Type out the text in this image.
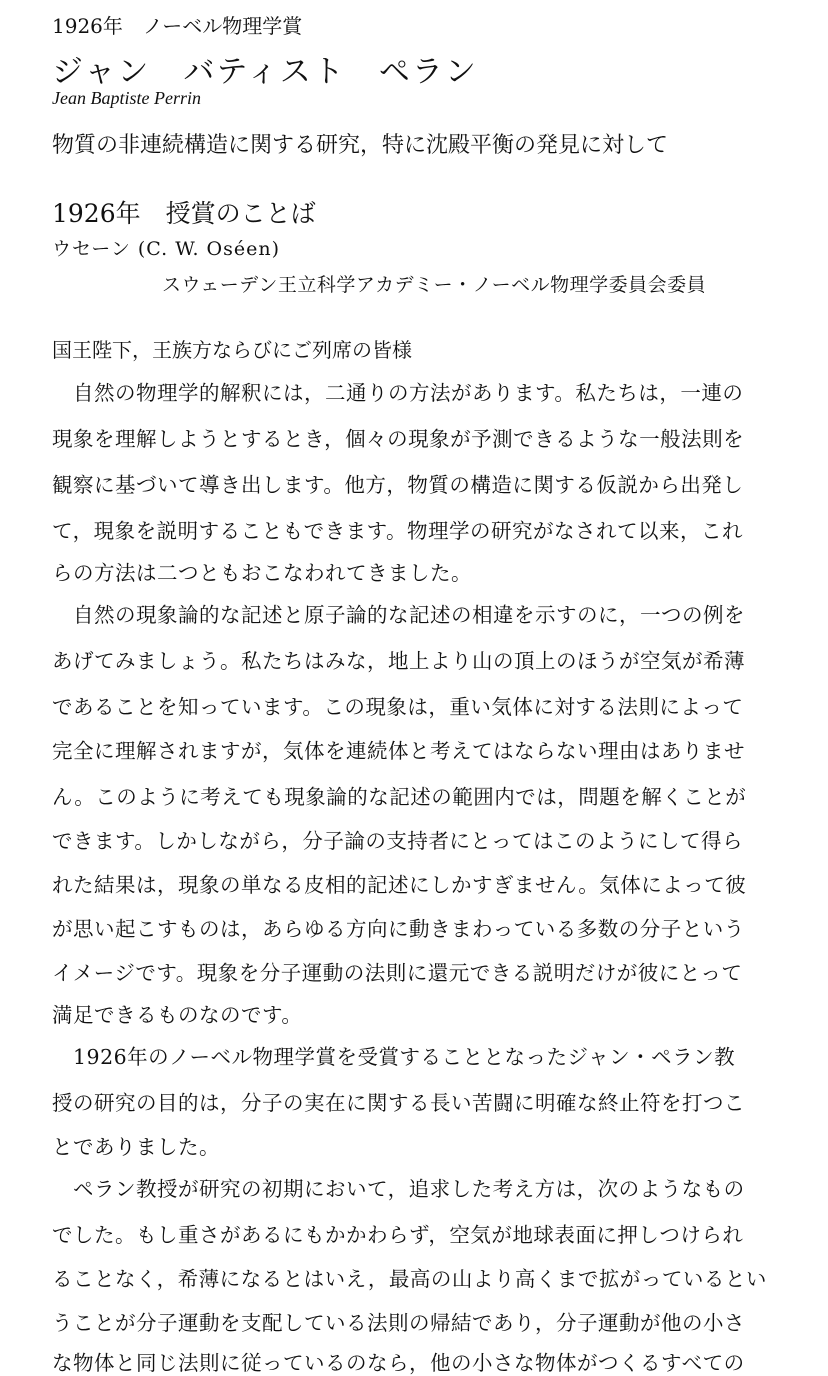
1926年　ノーベル物理学賞
ジャン　バティスト　ペラン
Jean Baptiste Perrin
物質の非連続構造に関する研究，特に沈殿平衡の発見に対して
1926年　授賞のことば
ウセーン (C. W. Oséen)
スウェーデン王立科学アカデミー・ノーベル物理学委員会委員
国王陛下，王族方ならびにご列席の皆様
　自然の物理学的解釈には，二通りの方法があります。私たちは，一連の
現象を理解しようとするとき，個々の現象が予測できるような一般法則を
観察に基づいて導き出します。他方，物質の構造に関する仮説から出発し
て，現象を説明することもできます。物理学の研究がなされて以来，これ
らの方法は二つともおこなわれてきました。
　自然の現象論的な記述と原子論的な記述の相違を示すのに，一つの例を
あげてみましょう。私たちはみな，地上より山の頂上のほうが空気が希薄
であることを知っています。この現象は，重い気体に対する法則によって
完全に理解されますが，気体を連続体と考えてはならない理由はありませ
ん。このように考えても現象論的な記述の範囲内では，問題を解くことが
できます。しかしながら，分子論の支持者にとってはこのようにして得ら
れた結果は，現象の単なる皮相的記述にしかすぎません。気体によって彼
が思い起こすものは，あらゆる方向に動きまわっている多数の分子という
イメージです。現象を分子運動の法則に還元できる説明だけが彼にとって
満足できるものなのです。
　1926年のノーベル物理学賞を受賞することとなったジャン・ペラン教
授の研究の目的は，分子の実在に関する長い苦闘に明確な終止符を打つこ
とでありました。
　ペラン教授が研究の初期において，追求した考え方は，次のようなもの
でした。もし重さがあるにもかかわらず，空気が地球表面に押しつけられ
ることなく，希薄になるとはいえ，最高の山より高くまで拡がっているとい
うことが分子運動を支配している法則の帰結であり，分子運動が他の小さ
な物体と同じ法則に従っているのなら，他の小さな物体がつくるすべての
